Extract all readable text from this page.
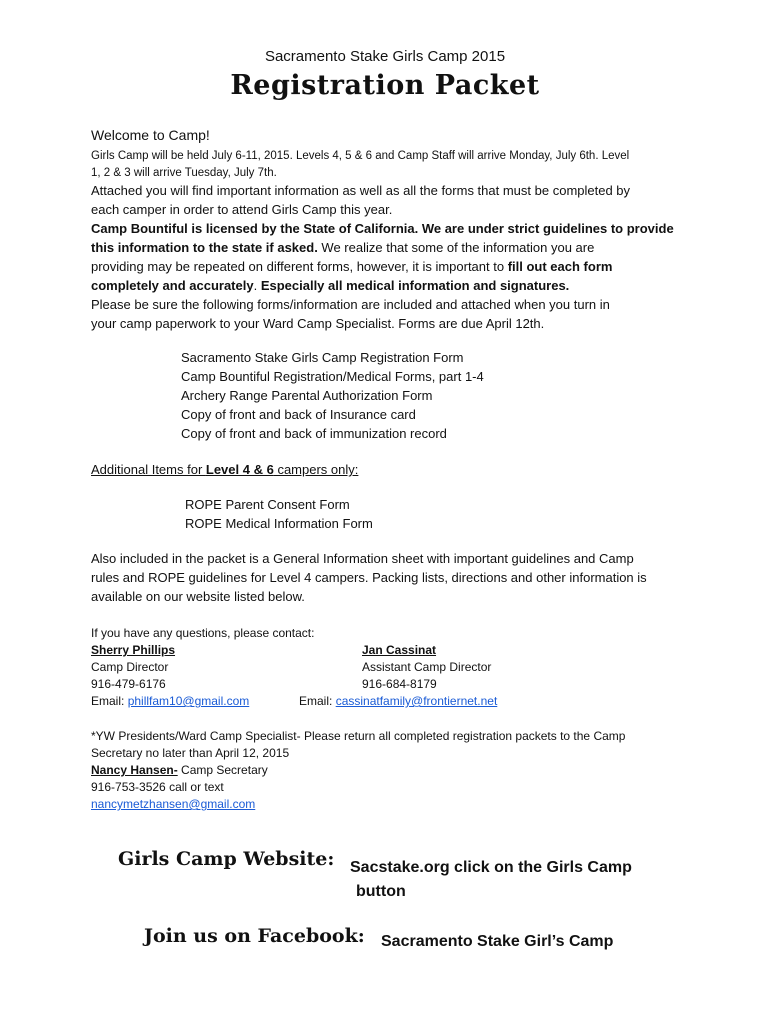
Sacramento Stake Girls Camp 2015
Registration Packet
Welcome to Camp!
Girls Camp will be held July 6-11, 2015. Levels 4, 5 & 6 and Camp Staff will arrive Monday, July 6th. Level
1, 2 & 3 will arrive Tuesday, July 7th.
Attached you will find important information as well as all the forms that must be completed by
each camper in order to attend Girls Camp this year.
Camp Bountiful is licensed by the State of California. We are under strict guidelines to provide
this information to the state if asked. We realize that some of the information you are
providing may be repeated on different forms, however, it is important to fill out each form
completely and accurately. Especially all medical information and signatures.
Please be sure the following forms/information are included and attached when you turn in
your camp paperwork to your Ward Camp Specialist. Forms are due April 12th.
Sacramento Stake Girls Camp Registration Form
Camp Bountiful Registration/Medical Forms, part 1-4
Archery Range Parental Authorization Form
Copy of front and back of Insurance card
Copy of front and back of immunization record
Additional Items for Level 4 & 6 campers only:
ROPE Parent Consent Form
ROPE Medical Information Form
Also included in the packet is a General Information sheet with important guidelines and Camp
rules and ROPE guidelines for Level 4 campers. Packing lists, directions and other information is
available on our website listed below.
If you have any questions, please contact:
Sherry Phillips
Camp Director
916-479-6176
Email: phillfam10@gmail.com
Jan Cassinat
Assistant Camp Director
916-684-8179
Email: cassinatfamily@frontiernet.net
*YW Presidents/Ward Camp Specialist- Please return all completed registration packets to the Camp
Secretary no later than April 12, 2015
Nancy Hansen- Camp Secretary
916-753-3526 call or text
nancymetzhansen@gmail.com
Girls Camp Website: Sacstake.org click on the Girls Camp
button
Join us on Facebook: Sacramento Stake Girl’s Camp
